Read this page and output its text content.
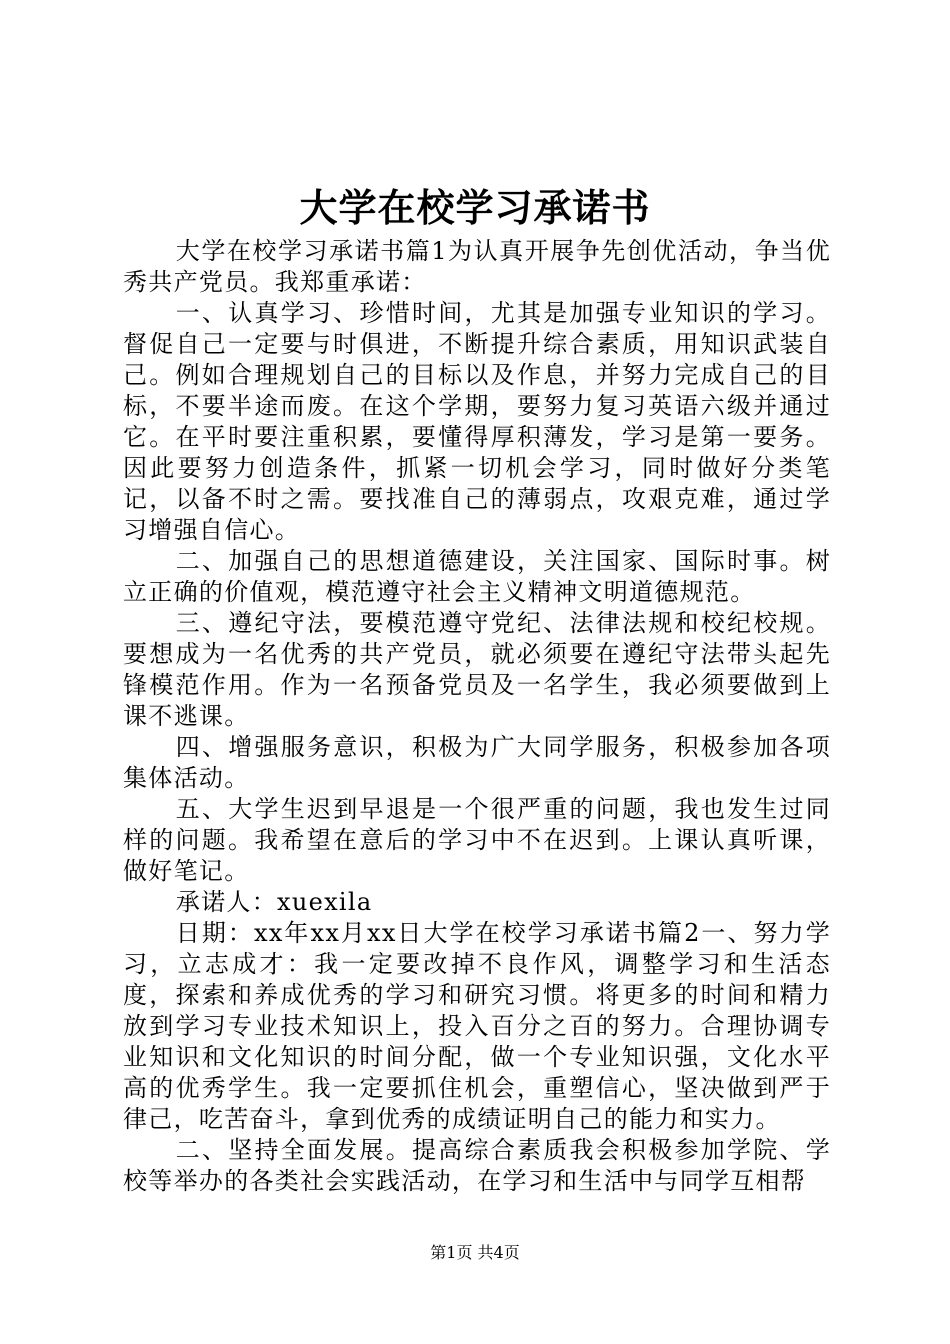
大学在校学习承诺书

大学在校学习承诺书篇1为认真开展争先创优活动，争当优秀共产党员。我郑重承诺：

一、认真学习、珍惜时间，尤其是加强专业知识的学习。督促自己一定要与时俱进，不断提升综合素质，用知识武装自己。例如合理规划自己的目标以及作息，并努力完成自己的目标，不要半途而废。在这个学期，要努力复习英语六级并通过它。在平时要注重积累，要懂得厚积薄发，学习是第一要务。因此要努力创造条件，抓紧一切机会学习，同时做好分类笔记，以备不时之需。要找准自己的薄弱点，攻艰克难，通过学习增强自信心。

二、加强自己的思想道德建设，关注国家、国际时事。树立正确的价值观，模范遵守社会主义精神文明道德规范。

三、遵纪守法，要模范遵守党纪、法律法规和校纪校规。要想成为一名优秀的共产党员，就必须要在遵纪守法带头起先锋模范作用。作为一名预备党员及一名学生，我必须要做到上课不逃课。

四、增强服务意识，积极为广大同学服务，积极参加各项集体活动。

五、大学生迟到早退是一个很严重的问题，我也发生过同样的问题。我希望在意后的学习中不在迟到。上课认真听课，做好笔记。

承诺人：xuexila

日期：xx年xx月xx日大学在校学习承诺书篇2一、努力学习，立志成才：我一定要改掉不良作风，调整学习和生活态度，探索和养成优秀的学习和研究习惯。将更多的时间和精力放到学习专业技术知识上，投入百分之百的努力。合理协调专业知识和文化知识的时间分配，做一个专业知识强，文化水平高的优秀学生。我一定要抓住机会，重塑信心，坚决做到严于律己，吃苦奋斗，拿到优秀的成绩证明自己的能力和实力。

二、坚持全面发展。提高综合素质我会积极参加学院、学校等举办的各类社会实践活动，在学习和生活中与同学互相帮

第1页 共4页
